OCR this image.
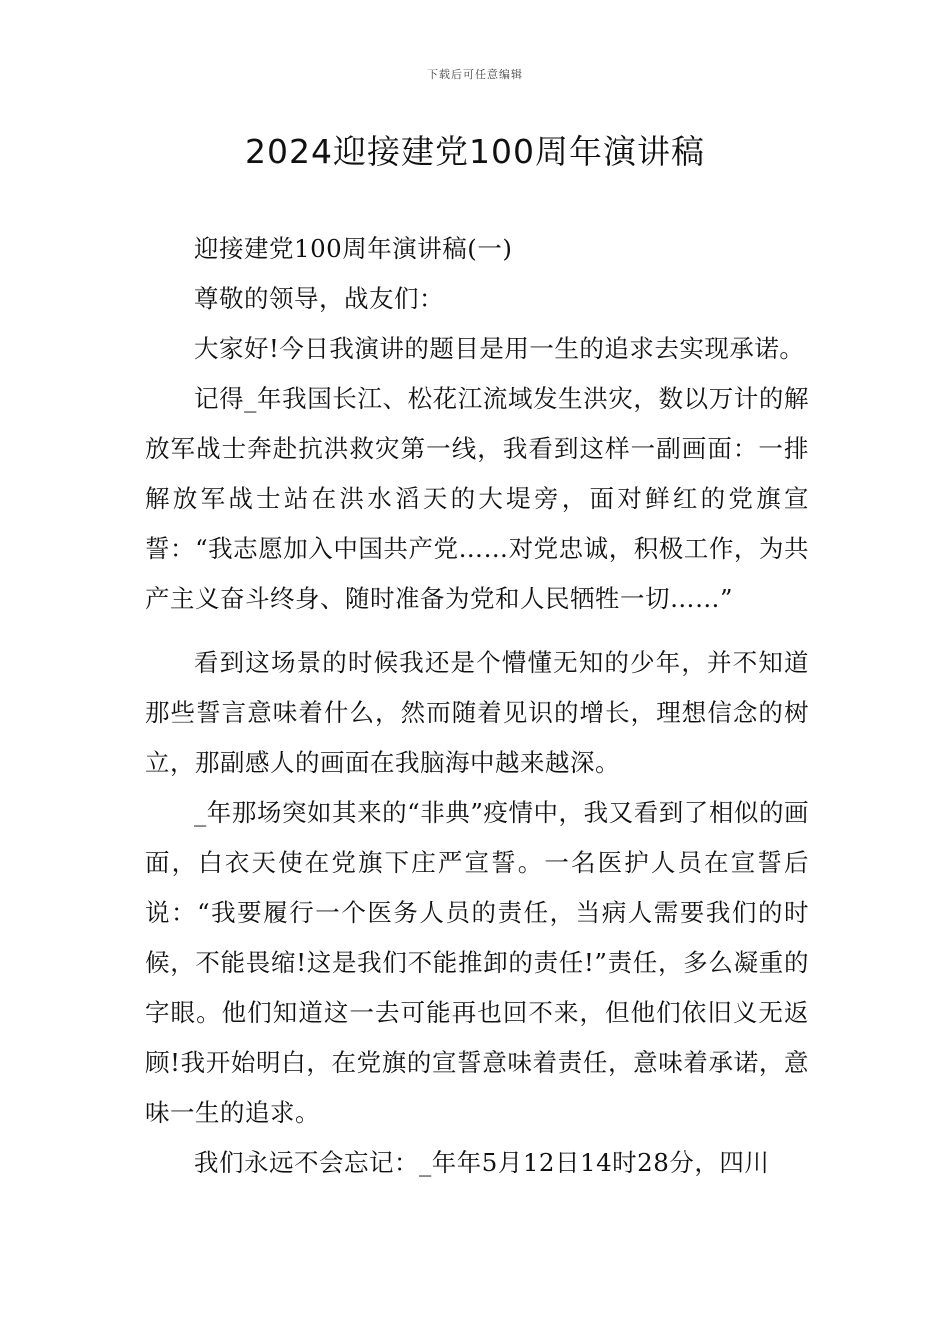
下载后可任意编辑
2024迎接建党100周年演讲稿

迎接建党100周年演讲稿(一)

尊敬的领导，战友们：

大家好!今日我演讲的题目是用一生的追求去实现承诺。

记得_年我国长江、松花江流域发生洪灾，数以万计的解放军战士奔赴抗洪救灾第一线，我看到这样一副画面：一排解放军战士站在洪水滔天的大堤旁，面对鲜红的党旗宣誓：“我志愿加入中国共产党……对党忠诚，积极工作，为共产主义奋斗终身、随时准备为党和人民牺牲一切……”

看到这场景的时候我还是个懵懂无知的少年，并不知道那些誓言意味着什么，然而随着见识的增长，理想信念的树立，那副感人的画面在我脑海中越来越深。

_年那场突如其来的“非典”疫情中，我又看到了相似的画面，白衣天使在党旗下庄严宣誓。一名医护人员在宣誓后说：“我要履行一个医务人员的责任，当病人需要我们的时候，不能畏缩!这是我们不能推卸的责任!”责任，多么凝重的字眼。他们知道这一去可能再也回不来，但他们依旧义无返顾!我开始明白，在党旗的宣誓意味着责任，意味着承诺，意味一生的追求。

我们永远不会忘记：_年年5月12日14时28分，四川
